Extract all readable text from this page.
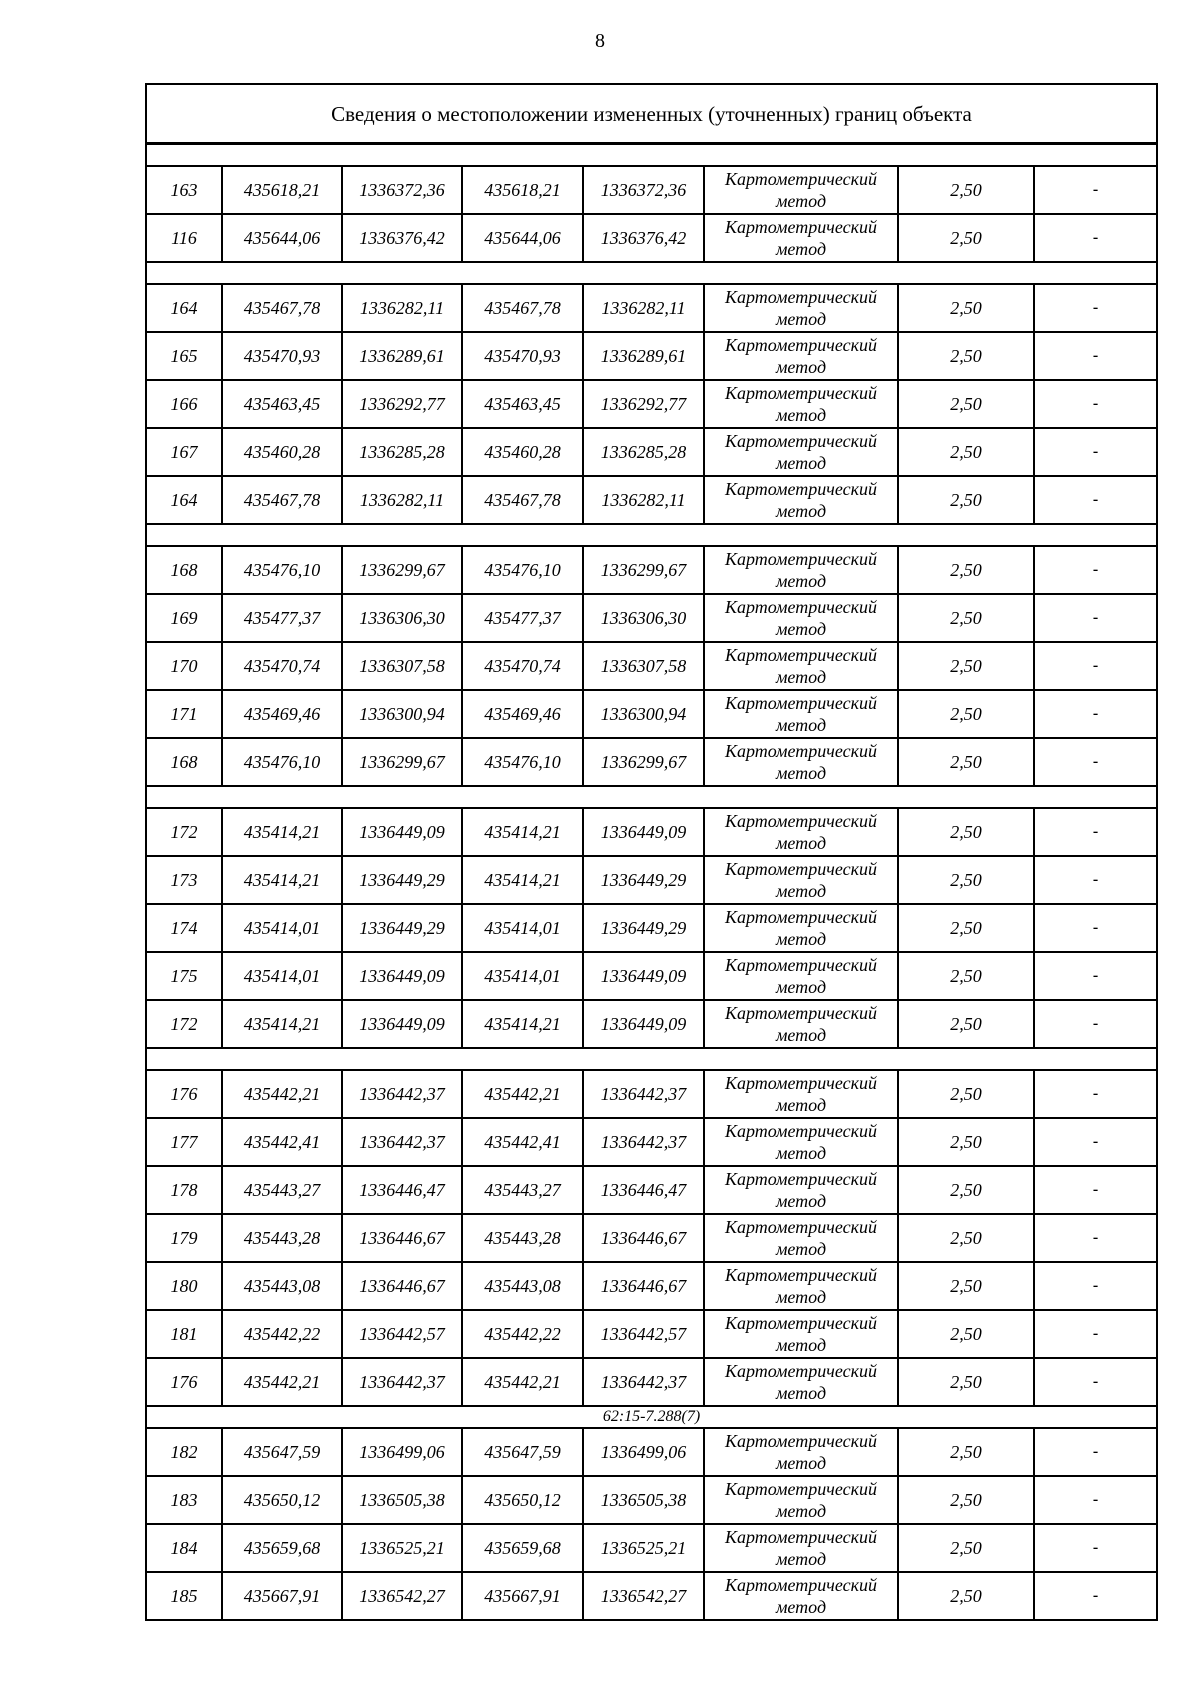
8
Сведения о местоположении измененных (уточненных) границ объекта							

163	435618,21	1336372,36	435618,21	1336372,36	Картометрический метод	2,50	-
116	435644,06	1336376,42	435644,06	1336376,42	Картометрический метод	2,50	-

164	435467,78	1336282,11	435467,78	1336282,11	Картометрический метод	2,50	-
165	435470,93	1336289,61	435470,93	1336289,61	Картометрический метод	2,50	-
166	435463,45	1336292,77	435463,45	1336292,77	Картометрический метод	2,50	-
167	435460,28	1336285,28	435460,28	1336285,28	Картометрический метод	2,50	-
164	435467,78	1336282,11	435467,78	1336282,11	Картометрический метод	2,50	-

168	435476,10	1336299,67	435476,10	1336299,67	Картометрический метод	2,50	-
169	435477,37	1336306,30	435477,37	1336306,30	Картометрический метод	2,50	-
170	435470,74	1336307,58	435470,74	1336307,58	Картометрический метод	2,50	-
171	435469,46	1336300,94	435469,46	1336300,94	Картометрический метод	2,50	-
168	435476,10	1336299,67	435476,10	1336299,67	Картометрический метод	2,50	-

172	435414,21	1336449,09	435414,21	1336449,09	Картометрический метод	2,50	-
173	435414,21	1336449,29	435414,21	1336449,29	Картометрический метод	2,50	-
174	435414,01	1336449,29	435414,01	1336449,29	Картометрический метод	2,50	-
175	435414,01	1336449,09	435414,01	1336449,09	Картометрический метод	2,50	-
172	435414,21	1336449,09	435414,21	1336449,09	Картометрический метод	2,50	-

176	435442,21	1336442,37	435442,21	1336442,37	Картометрический метод	2,50	-
177	435442,41	1336442,37	435442,41	1336442,37	Картометрический метод	2,50	-
178	435443,27	1336446,47	435443,27	1336446,47	Картометрический метод	2,50	-
179	435443,28	1336446,67	435443,28	1336446,67	Картометрический метод	2,50	-
180	435443,08	1336446,67	435443,08	1336446,67	Картометрический метод	2,50	-
181	435442,22	1336442,57	435442,22	1336442,57	Картометрический метод	2,50	-
176	435442,21	1336442,37	435442,21	1336442,37	Картометрический метод	2,50	-
62:15-7.288(7)							
182	435647,59	1336499,06	435647,59	1336499,06	Картометрический метод	2,50	-
183	435650,12	1336505,38	435650,12	1336505,38	Картометрический метод	2,50	-
184	435659,68	1336525,21	435659,68	1336525,21	Картометрический метод	2,50	-
185	435667,91	1336542,27	435667,91	1336542,27	Картометрический метод	2,50	-
